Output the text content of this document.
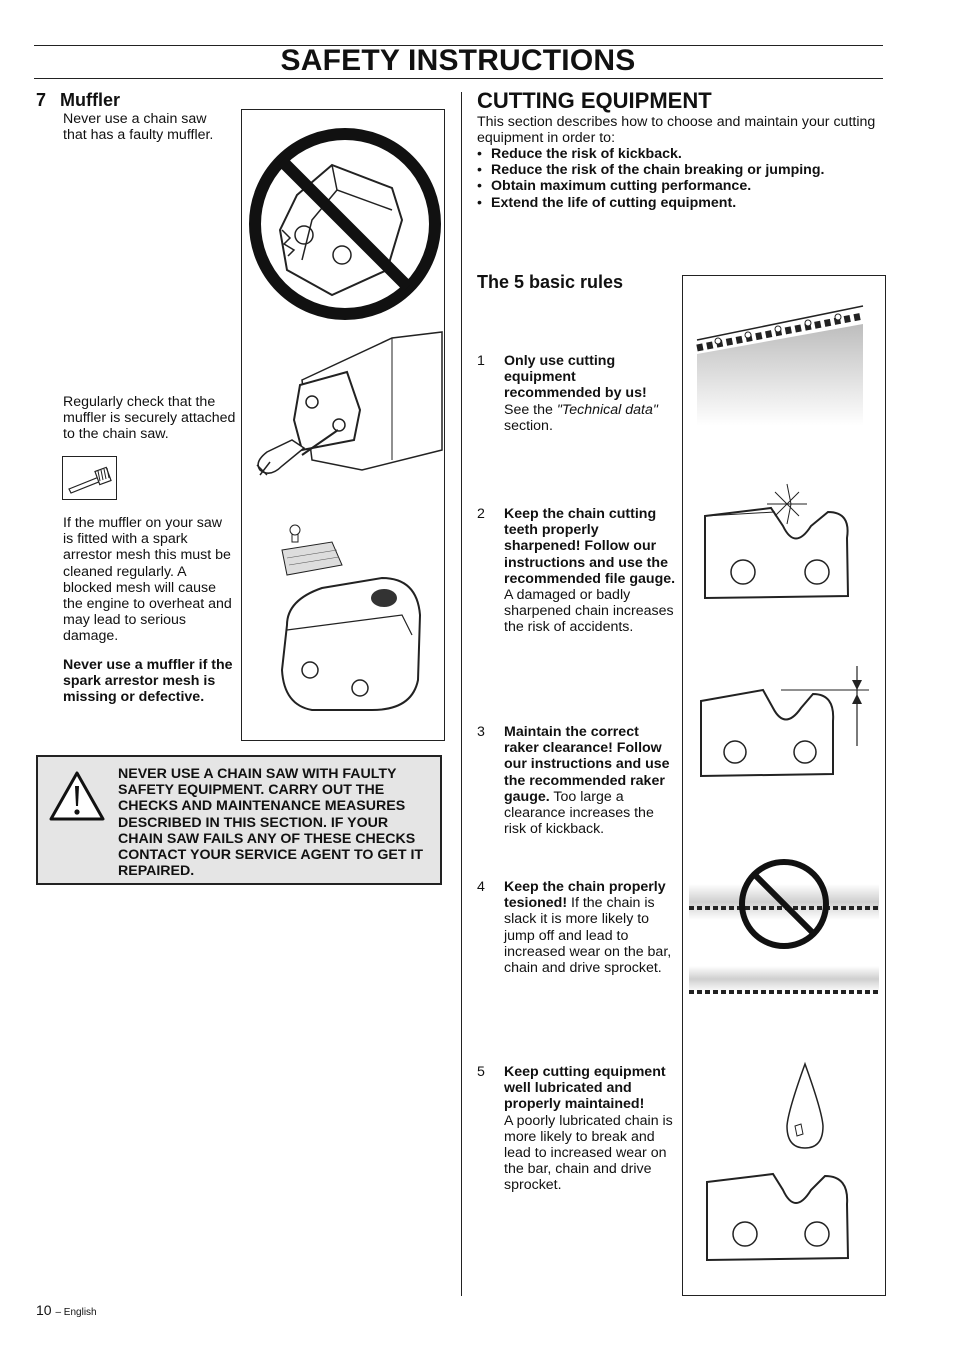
SAFETY INSTRUCTIONS
7 Muffler
Never use a chain saw that has a faulty muffler.
Regularly check that the muffler is securely attached to the chain saw.
If the muffler on your saw is fitted with a spark arrestor mesh this must be cleaned regularly. A blocked mesh will cause the engine to overheat and may lead to serious damage.
Never use a muffler if the spark arrestor mesh is missing or defective.
NEVER USE A CHAIN SAW WITH FAULTY SAFETY EQUIPMENT. CARRY OUT THE CHECKS AND MAINTENANCE MEASURES DESCRIBED IN THIS SECTION. IF YOUR CHAIN SAW FAILS ANY OF THESE CHECKS CONTACT YOUR SERVICE AGENT TO GET IT REPAIRED.
CUTTING EQUIPMENT
This section describes how to choose and maintain your cutting equipment in order to:
• Reduce the risk of kickback.
• Reduce the risk of the chain breaking or jumping.
• Obtain maximum cutting performance.
• Extend the life of cutting equipment.
The 5 basic rules
1 Only use cutting equipment recommended by us!
See the "Technical data" section.
2 Keep the chain cutting teeth properly sharpened! Follow our instructions and use the recommended file gauge. A damaged or badly sharpened chain increases the risk of accidents.
3 Maintain the correct raker clearance! Follow our instructions and use the recommended raker gauge. Too large a clearance increases the risk of kickback.
4 Keep the chain properly tesioned! If the chain is slack it is more likely to jump off and lead to increased wear on the bar, chain and drive sprocket.
5 Keep cutting equipment well lubricated and properly maintained!
A poorly lubricated chain is more likely to break and lead to increased wear on the bar, chain and drive sprocket.
10 – English
